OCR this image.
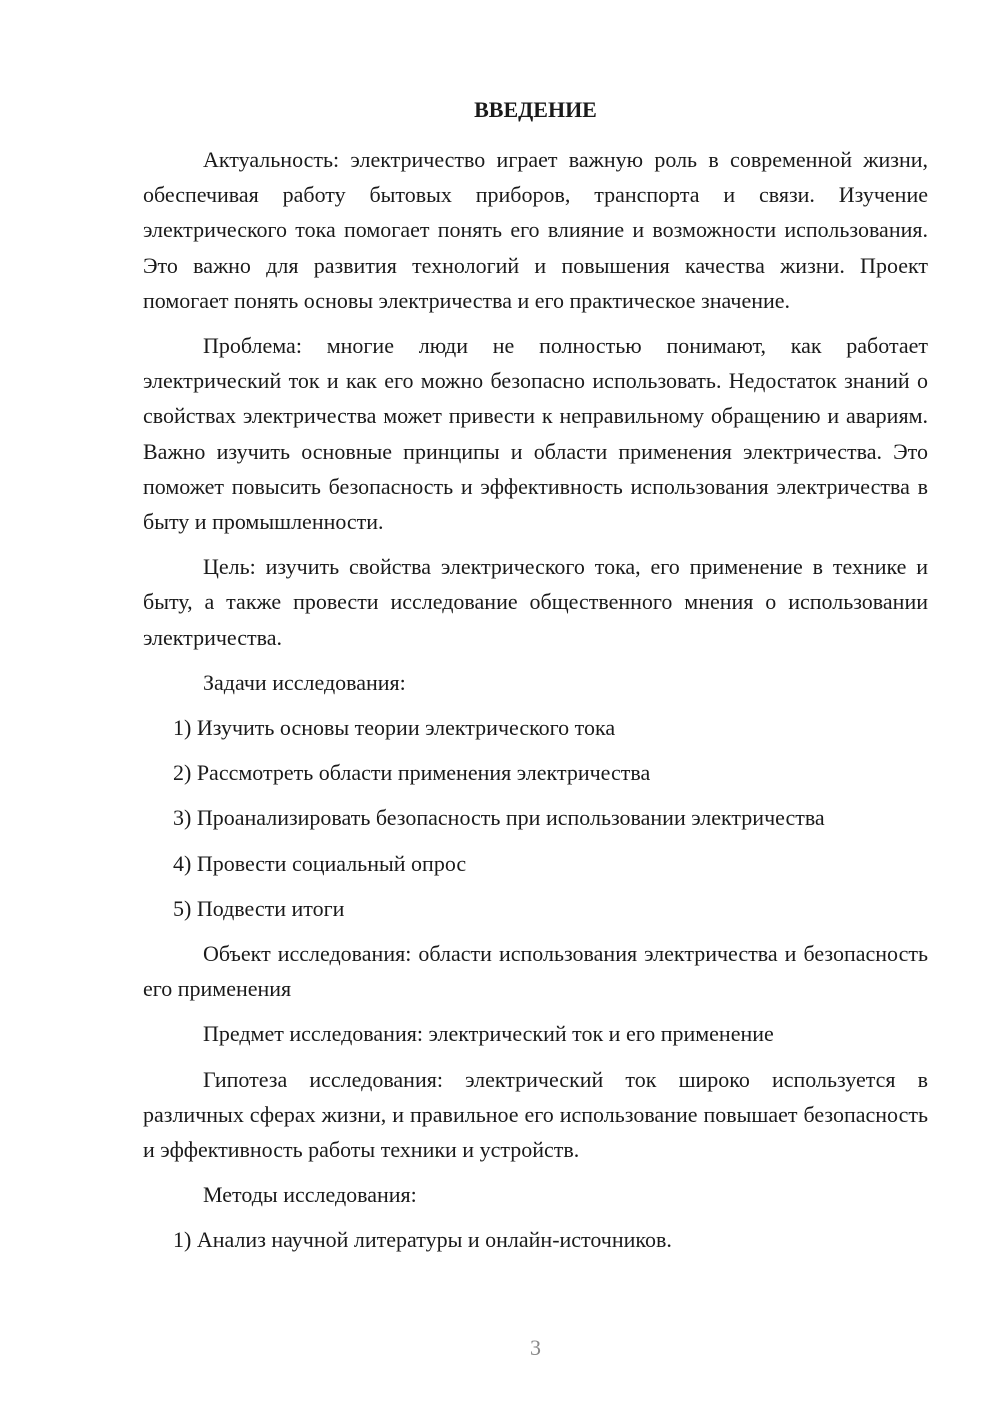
ВВЕДЕНИЕ

Актуальность: электричество играет важную роль в современной жизни, обеспечивая работу бытовых приборов, транспорта и связи. Изучение электрического тока помогает понять его влияние и возможности использования. Это важно для развития технологий и повышения качества жизни. Проект помогает понять основы электричества и его практическое значение.

Проблема: многие люди не полностью понимают, как работает электрический ток и как его можно безопасно использовать. Недостаток знаний о свойствах электричества может привести к неправильному обращению и авариям. Важно изучить основные принципы и области применения электричества. Это поможет повысить безопасность и эффективность использования электричества в быту и промышленности.

Цель: изучить свойства электрического тока, его применение в технике и быту, а также провести исследование общественного мнения о использовании электричества.

Задачи исследования:

1) Изучить основы теории электрического тока

2) Рассмотреть области применения электричества

3) Проанализировать безопасность при использовании электричества

4) Провести социальный опрос

5) Подвести итоги

Объект исследования: области использования электричества и безопасность его применения

Предмет исследования: электрический ток и его применение

Гипотеза исследования: электрический ток широко используется в различных сферах жизни, и правильное его использование повышает безопасность и эффективность работы техники и устройств.

Методы исследования:

1) Анализ научной литературы и онлайн-источников.

3
